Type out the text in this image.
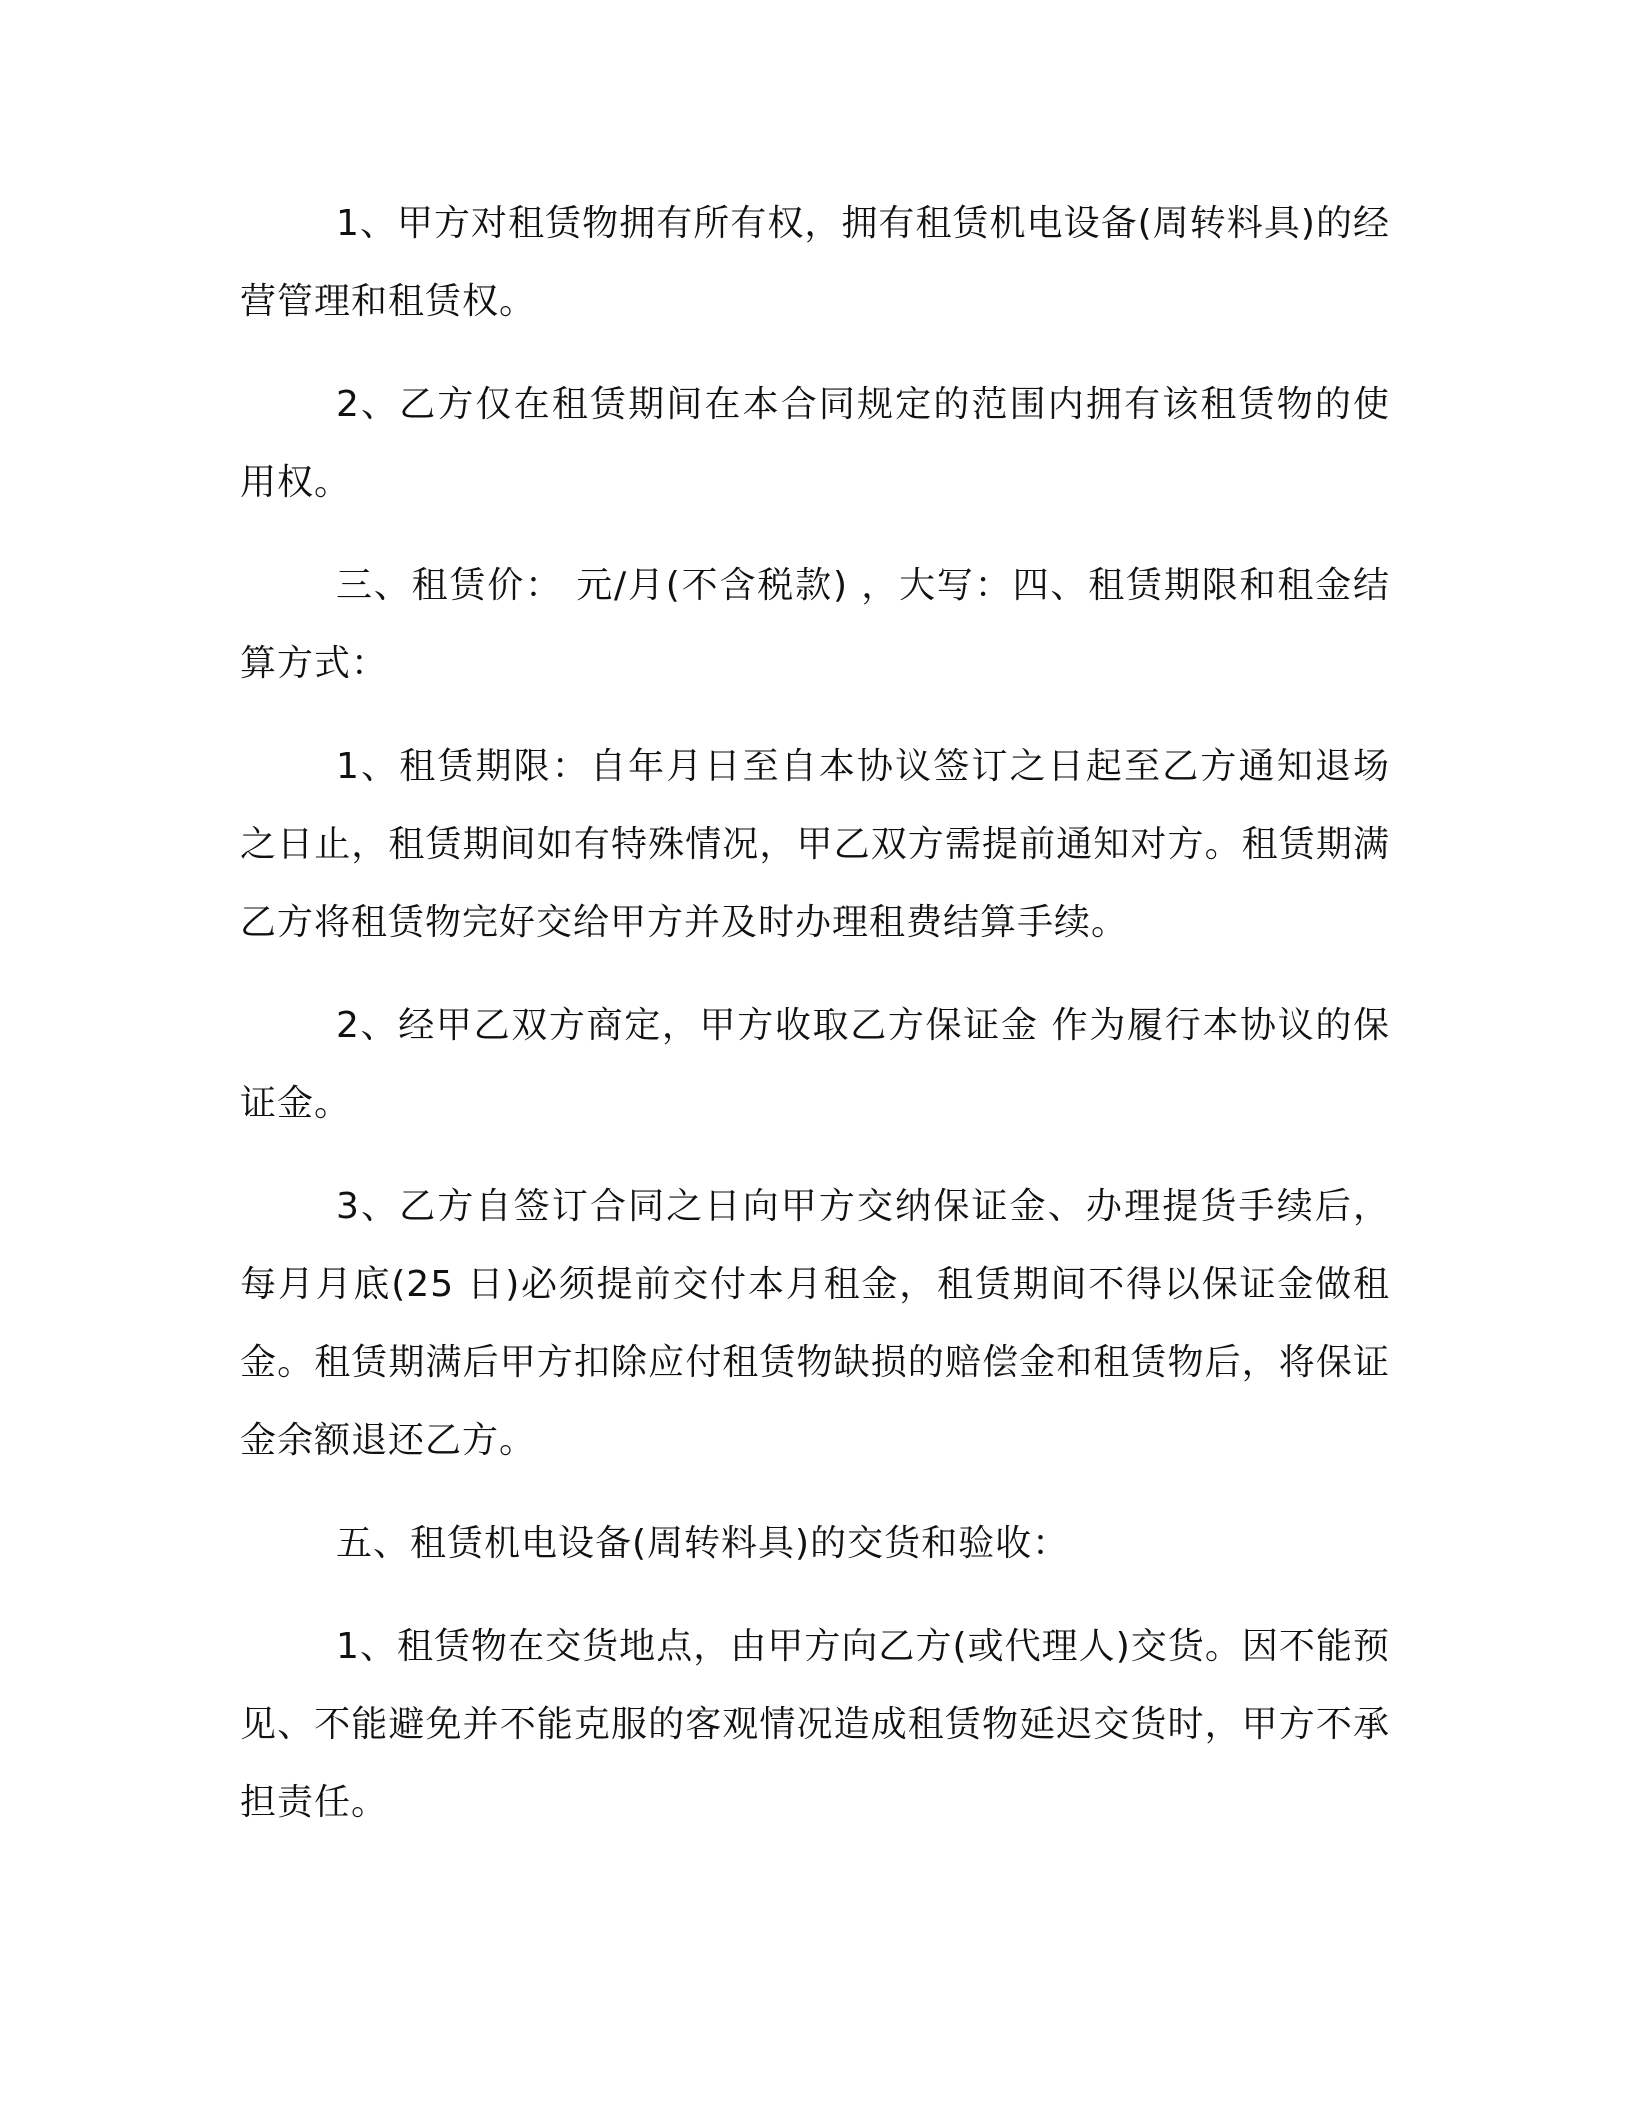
1、甲方对租赁物拥有所有权，拥有租赁机电设备(周转料具)的经营管理和租赁权。

2、乙方仅在租赁期间在本合同规定的范围内拥有该租赁物的使用权。

三、租赁价： 元/月(不含税款) ，大写：四、租赁期限和租金结算方式：

1、租赁期限：自年月日至自本协议签订之日起至乙方通知退场之日止，租赁期间如有特殊情况，甲乙双方需提前通知对方。租赁期满乙方将租赁物完好交给甲方并及时办理租费结算手续。

2、经甲乙双方商定，甲方收取乙方保证金 作为履行本协议的保证金。

3、乙方自签订合同之日向甲方交纳保证金、办理提货手续后，每月月底(25 日)必须提前交付本月租金，租赁期间不得以保证金做租金。租赁期满后甲方扣除应付租赁物缺损的赔偿金和租赁物后，将保证金余额退还乙方。

五、租赁机电设备(周转料具)的交货和验收：

1、租赁物在交货地点，由甲方向乙方(或代理人)交货。因不能预见、不能避免并不能克服的客观情况造成租赁物延迟交货时，甲方不承担责任。
